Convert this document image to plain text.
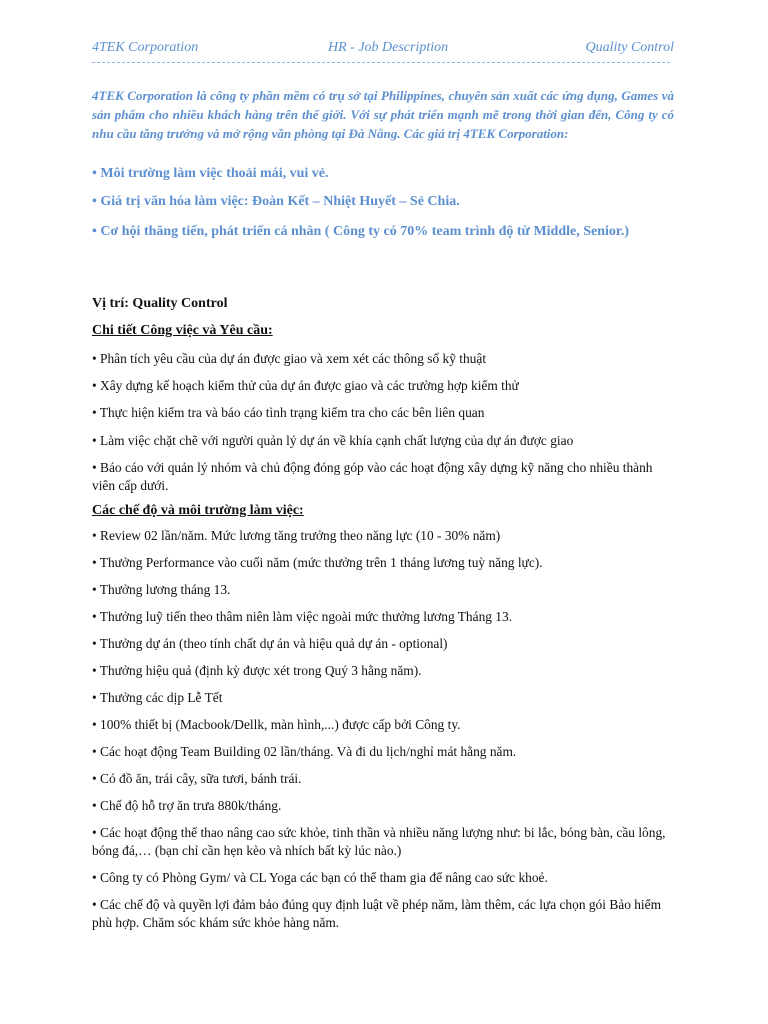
4TEK Corporation	HR - Job Description	Quality Control

4TEK Corporation là công ty phần mềm có trụ sở tại Philippines, chuyên sản xuất các ứng dụng, Games và sản phẩm cho nhiều khách hàng trên thế giới. Với sự phát triển mạnh mẽ trong thời gian đến, Công ty có nhu cầu tăng trưởng và mở rộng văn phòng tại Đà Nẵng. Các giá trị 4TEK Corporation:

• Môi trường làm việc thoải mái, vui vẻ.

• Giá trị văn hóa làm việc: Đoàn Kết – Nhiệt Huyết – Sẻ Chia.

• Cơ hội thăng tiến, phát triển cá nhân ( Công ty có 70% team trình độ từ Middle, Senior.)

Vị trí: Quality Control

Chi tiết Công việc và Yêu cầu:

• Phân tích yêu cầu của dự án được giao và xem xét các thông số kỹ thuật

• Xây dựng kế hoạch kiểm thử của dự án được giao và các trường hợp kiểm thử

• Thực hiện kiểm tra và báo cáo tình trạng kiểm tra cho các bên liên quan

• Làm việc chặt chẽ với người quản lý dự án về khía cạnh chất lượng của dự án được giao

• Báo cáo với quản lý nhóm và chủ động đóng góp vào các hoạt động xây dựng kỹ năng cho nhiều thành viên cấp dưới.

Các chế độ và môi trường làm việc:

• Review 02 lần/năm. Mức lương tăng trưởng theo năng lực (10 - 30% năm)

• Thưởng Performance vào cuối năm (mức thưởng trên 1 tháng lương tuỳ năng lực).

• Thưởng lương tháng 13.

• Thưởng luỹ tiến theo thâm niên làm việc ngoài mức thưởng lương Tháng 13.

• Thưởng dự án (theo tính chất dự án và hiệu quả dự án - optional)

• Thưởng hiệu quả (định kỳ được xét trong Quý 3 hằng năm).

• Thưởng các dịp Lễ Tết

• 100% thiết bị (Macbook/Dellk, màn hình,...) được cấp bởi Công ty.

• Các hoạt động Team Building 02 lần/tháng. Và đi du lịch/nghỉ mát hằng năm.

• Có đồ ăn, trái cây, sữa tươi, bánh trái.

• Chế độ hỗ trợ ăn trưa 880k/tháng.

• Các hoạt động thể thao nâng cao sức khỏe, tinh thần và nhiều năng lượng như: bi lắc, bóng bàn, cầu lông, bóng đá,… (bạn chỉ cần hẹn kèo và nhích bất kỳ lúc nào.)

• Công ty có Phòng Gym/ và CL Yoga các bạn có thể tham gia để nâng cao sức khoẻ.

• Các chế độ và quyền lợi đảm bảo đúng quy định luật về phép năm, làm thêm, các lựa chọn gói Bảo hiểm phù hợp. Chăm sóc khám sức khỏe hàng năm.
